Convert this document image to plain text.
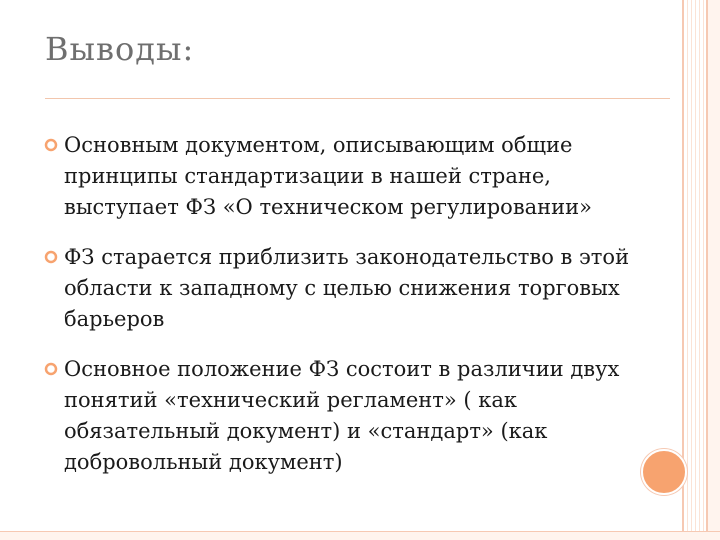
Выводы:
Основным документом, описывающим общие принципы стандартизации в нашей стране, выступает ФЗ «О техническом регулировании»
ФЗ старается приблизить законодательство в этой области к западному с целью снижения торговых барьеров
Основное положение ФЗ состоит в различии двух понятий «технический регламент» ( как обязательный документ) и «стандарт» (как добровольный документ)
